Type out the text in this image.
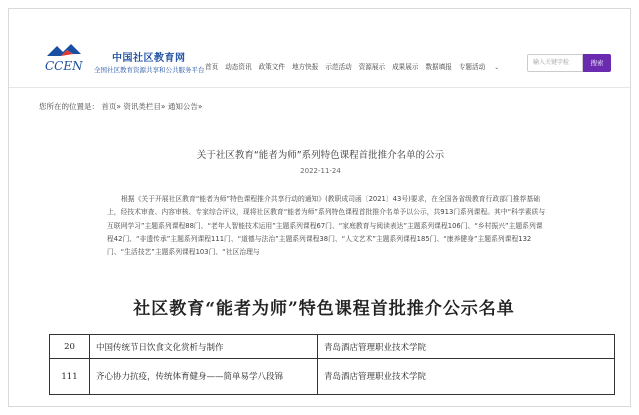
CCEN
中国社区教育网
全国社区教育资源共享和公共服务平台 首页 动态资讯 政策文件 地方快报 示范活动 资源展示 成果展示 数据填报 专题活动 ⌄
输入关键字检	搜索
您所在的位置是： 首页» 资讯类栏目» 通知公告»
关于社区教育“能者为师”系列特色课程首批推介名单的公示
2022-11-24

根据《关于开展社区教育“能者为师”特色课程推介共享行动的通知》(教职成司函〔2021〕43号)要求，在全国各省级教育行政部门推荐基础上，经技术审查、内容审核、专家综合评议，现将社区教育“能者为师”系列特色课程首批推介名单予以公示，共913门系列课程。其中“科学素质与互联网学习”主题系列课程88门、“老年人智能技术运用”主题系列课程67门、“家庭教育与阅读表达”主题系列课程106门、“乡村振兴”主题系列课程42门、“非遗传承”主题系列课程111门、“道德与法治”主题系列课程38门、“人文艺术”主题系列课程185门、“康养健身”主题系列课程132门、“生活技艺”主题系列课程103门、“社区治理与

社区教育“能者为师”特色课程首批推介公示名单
20	中国传统节日饮食文化赏析与制作	青岛酒店管理职业技术学院
111	齐心协力抗疫，传统体育健身——简单易学八段锦	青岛酒店管理职业技术学院
